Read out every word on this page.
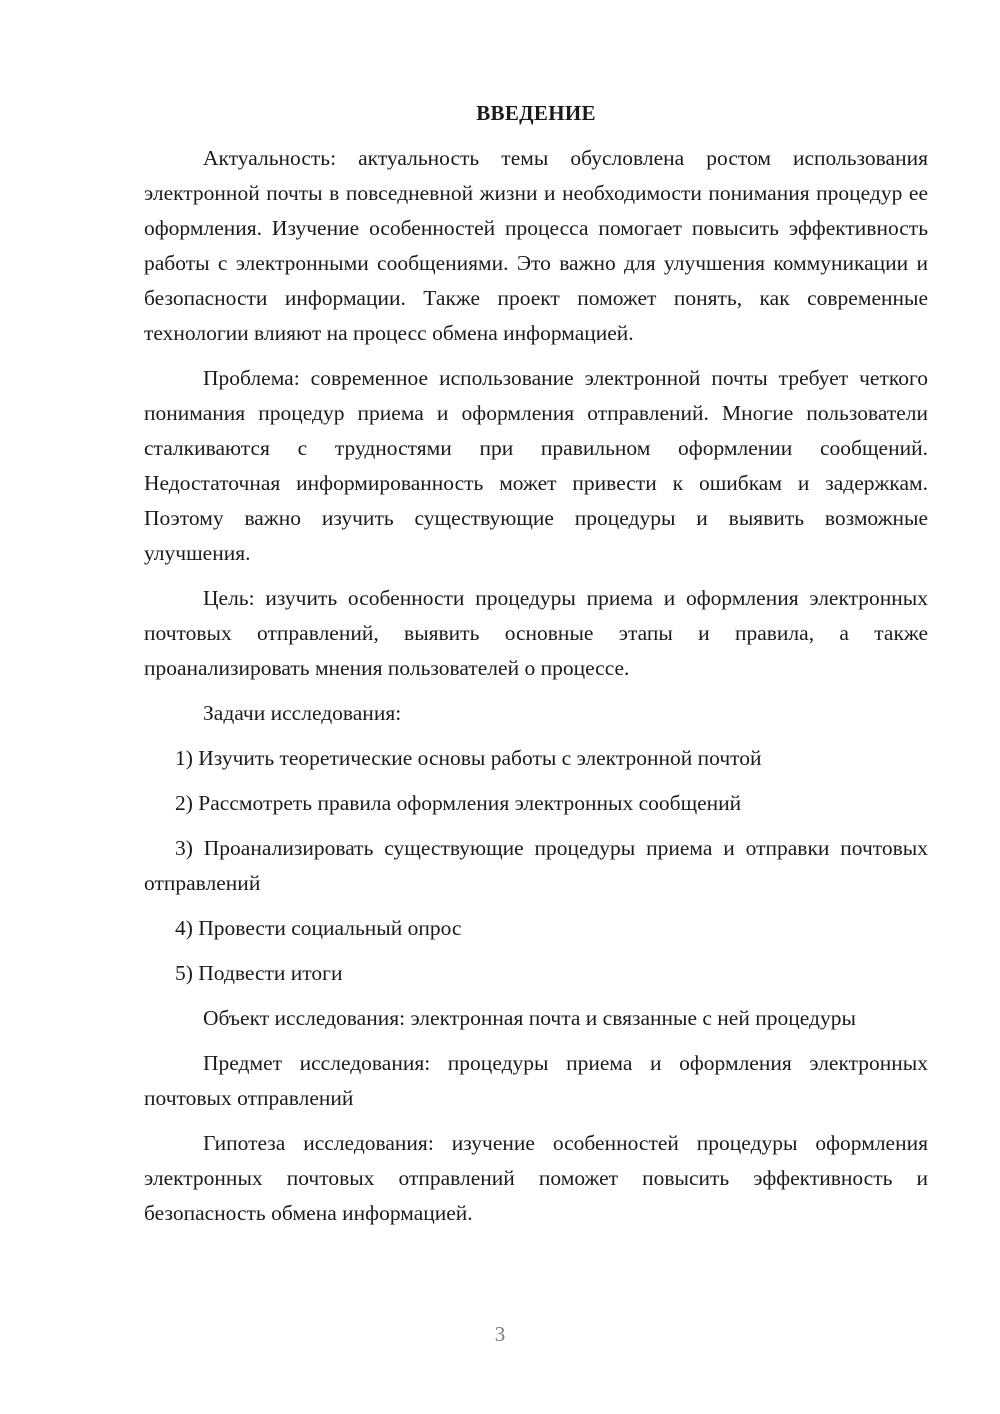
ВВЕДЕНИЕ

Актуальность: актуальность темы обусловлена ростом использования электронной почты в повседневной жизни и необходимости понимания процедур ее оформления. Изучение особенностей процесса помогает повысить эффективность работы с электронными сообщениями. Это важно для улучшения коммуникации и безопасности информации. Также проект поможет понять, как современные технологии влияют на процесс обмена информацией.

Проблема: современное использование электронной почты требует четкого понимания процедур приема и оформления отправлений. Многие пользователи сталкиваются с трудностями при правильном оформлении сообщений. Недостаточная информированность может привести к ошибкам и задержкам. Поэтому важно изучить существующие процедуры и выявить возможные улучшения.

Цель: изучить особенности процедуры приема и оформления электронных почтовых отправлений, выявить основные этапы и правила, а также проанализировать мнения пользователей о процессе.

Задачи исследования:

1) Изучить теоретические основы работы с электронной почтой

2) Рассмотреть правила оформления электронных сообщений

3) Проанализировать существующие процедуры приема и отправки почтовых отправлений

4) Провести социальный опрос

5) Подвести итоги

Объект исследования: электронная почта и связанные с ней процедуры

Предмет исследования: процедуры приема и оформления электронных почтовых отправлений

Гипотеза исследования: изучение особенностей процедуры оформления электронных почтовых отправлений поможет повысить эффективность и безопасность обмена информацией.

3
